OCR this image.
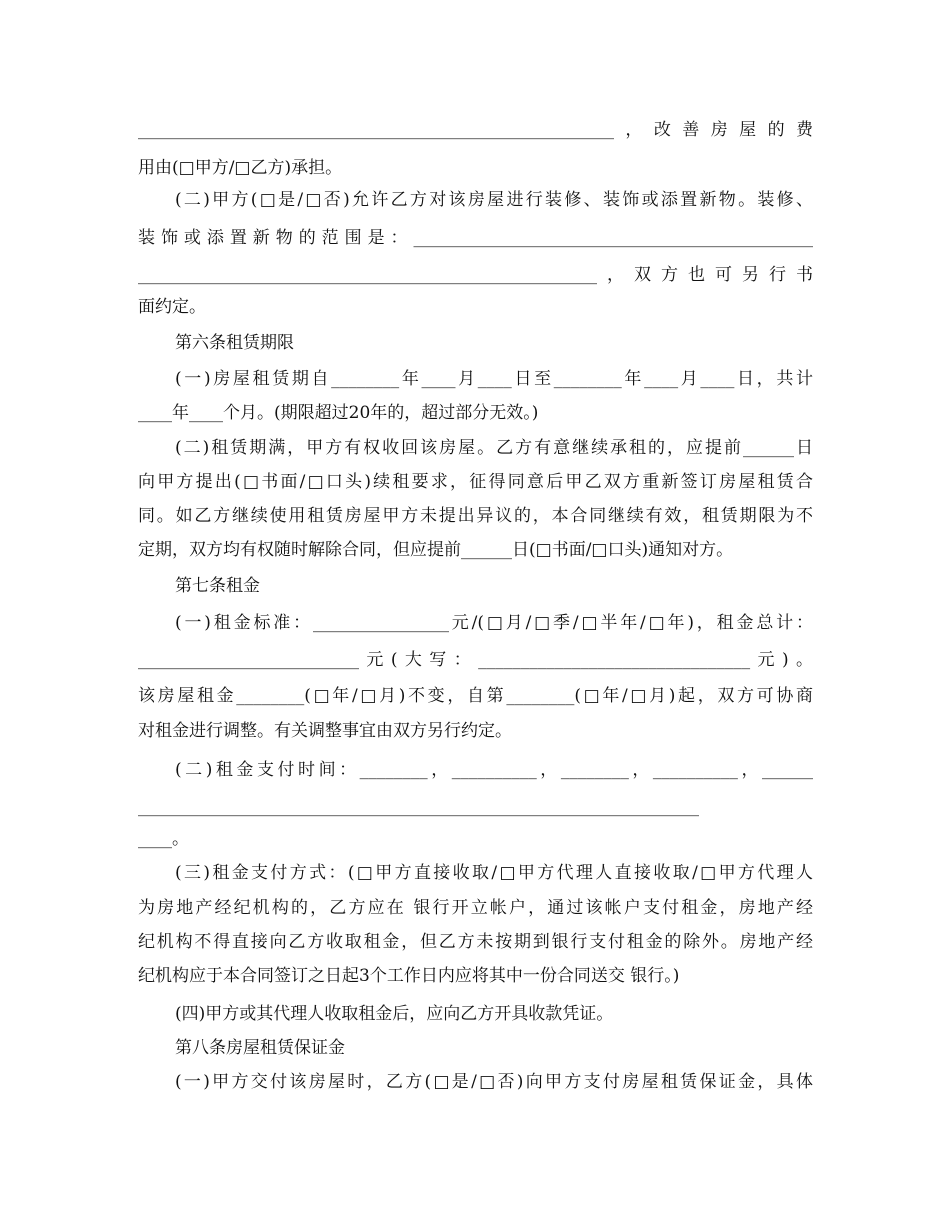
________________________________________________________，改善房屋的费
用由(□甲方/□乙方)承担。
(二)甲方(□是/□否)允许乙方对该房屋进行装修、装饰或添置新物。装修、
装饰或添置新物的范围是：_______________________________________________
______________________________________________________，双方也可另行书
面约定。
第六条租赁期限
(一)房屋租赁期自________年____月____日至________年____月____日，共计
____年____个月。(期限超过20年的，超过部分无效。)
(二)租赁期满，甲方有权收回该房屋。乙方有意继续承租的，应提前______日
向甲方提出(□书面/□口头)续租要求，征得同意后甲乙双方重新签订房屋租赁合
同。如乙方继续使用租赁房屋甲方未提出异议的，本合同继续有效，租赁期限为不
定期，双方均有权随时解除合同，但应提前______日(□书面/□口头)通知对方。
第七条租金
(一)租金标准：________________元/(□月/□季/□半年/□年)，租金总计：
__________________________元(大写：________________________________元)。
该房屋租金________(□年/□月)不变，自第________(□年/□月)起，双方可协商
对租金进行调整。有关调整事宜由双方另行约定。
(二)租金支付时间：________，__________，________，__________，______
__________________________________________________________________
____。
(三)租金支付方式：(□甲方直接收取/□甲方代理人直接收取/□甲方代理人
为房地产经纪机构的，乙方应在 银行开立帐户，通过该帐户支付租金，房地产经
纪机构不得直接向乙方收取租金，但乙方未按期到银行支付租金的除外。房地产经
纪机构应于本合同签订之日起3个工作日内应将其中一份合同送交 银行。)
(四)甲方或其代理人收取租金后，应向乙方开具收款凭证。
第八条房屋租赁保证金
(一)甲方交付该房屋时，乙方(□是/□否)向甲方支付房屋租赁保证金，具体
